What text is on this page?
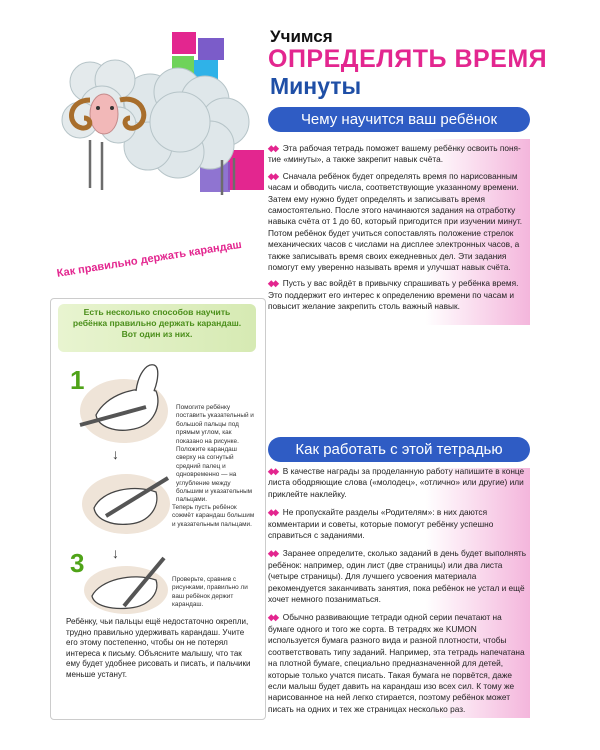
Учимся
ОПРЕДЕЛЯТЬ ВРЕМЯ
Минуты
Чему научится ваш ребёнок

◆◆ Эта рабочая тетрадь поможет вашему ребёнку освоить понятие «минуты», а также закрепит навык счёта.

◆◆ Сначала ребёнок будет определять время по нарисованным часам и обводить числа, соответствующие указанному времени. Затем ему нужно будет определять и записывать время самостоятельно. После этого начинаются задания на отработку навыка счёта от 1 до 60, который пригодится при изучении минут. Потом ребёнок будет учиться сопоставлять положение стрелок механических часов с числами на дисплее электронных часов, а также записывать время своих ежедневных дел. Эти задания помогут ему уверенно называть время и улучшат навык счёта.

◆◆ Пусть у вас войдёт в привычку спрашивать у ребёнка время. Это поддержит его интерес к определению времени по часам и повысит желание закрепить столь важный навык.

Как работать с этой тетрадью

◆◆ В качестве награды за проделанную работу напишите в конце листа ободряющие слова («молодец», «отлично» или другие) или приклейте наклейку.

◆◆ Не пропускайте разделы «Родителям»: в них даются комментарии и советы, которые помогут ребёнку успешно справиться с заданиями.

◆◆ Заранее определите, сколько заданий в день будет выполнять ребёнок: например, один лист (две страницы) или два листа (четыре страницы). Для лучшего усвоения материала рекомендуется заканчивать занятия, пока ребёнок не устал и ещё хочет немного позаниматься.

◆◆ Обычно развивающие тетради одной серии печатают на бумаге одного и того же сорта. В тетрадях же KUMON используется бумага разного вида и разной плотности, чтобы соответствовать типу заданий. Например, эта тетрадь напечатана на плотной бумаге, специально предназначенной для детей, которые только учатся писать. Такая бумага не порвётся, даже если малыш будет давить на карандаш изо всех сил. К тому же нарисованное на ней легко стирается, поэтому ребёнок может писать на одних и тех же страницах несколько раз.

Как правильно держать карандаш
Есть несколько способов научить ребёнка правильно держать карандаш. Вот один из них.
1
Помогите ребёнку поставить указательный и большой пальцы под прямым углом, как показано на рисунке. Положите карандаш сверху на согнутый средний палец и одновременно — на углубление между большим и указательным пальцами.
↓
↓
Теперь пусть ребёнок сожмёт карандаш большим и указательным пальцами.
3
Проверьте, сравнив с рисунками, правильно ли ваш ребёнок держит карандаш.
Ребёнку, чьи пальцы ещё недостаточно окрепли, трудно правильно удерживать карандаш. Учите его этому постепенно, чтобы он не потерял интереса к письму. Объясните малышу, что так ему будет удобнее рисовать и писать, и пальчики меньше устанут.
